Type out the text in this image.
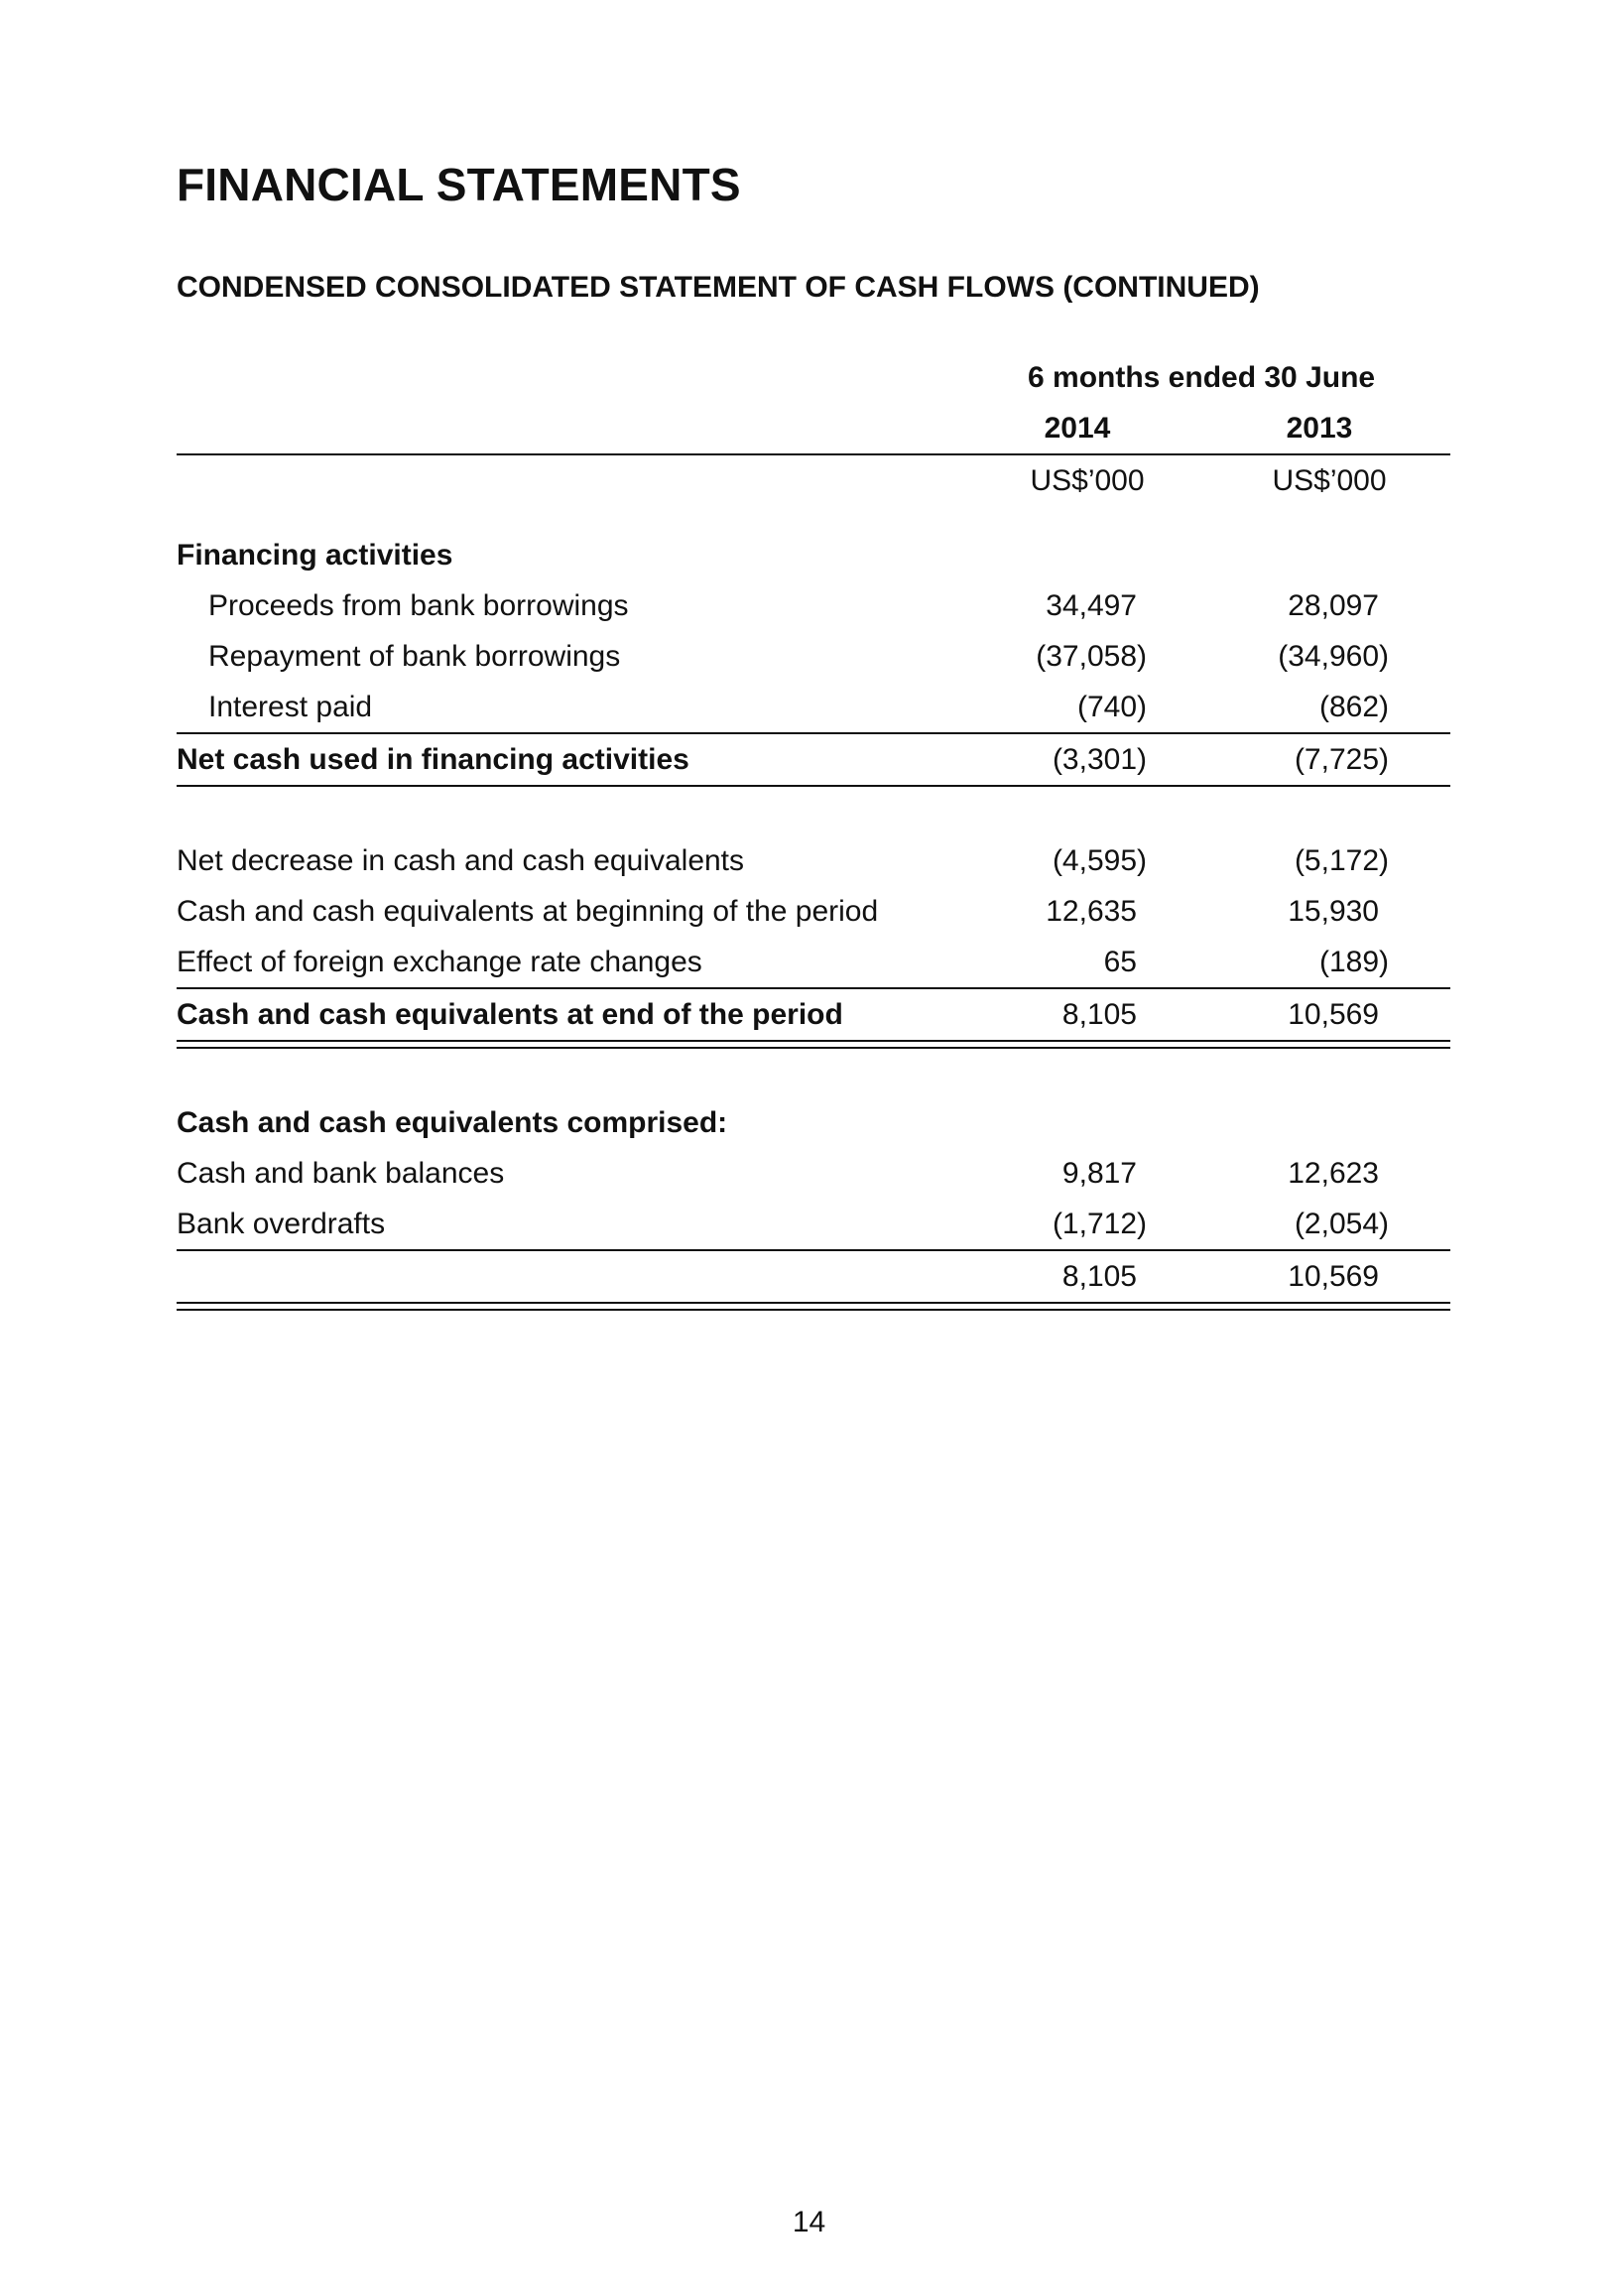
FINANCIAL STATEMENTS
CONDENSED CONSOLIDATED STATEMENT OF CASH FLOWS (CONTINUED)
6 months ended 30 June
2014	2013
US$’000	US$’000
Financing activities
Proceeds from bank borrowings	34,497	28,097
Repayment of bank borrowings	(37,058)	(34,960)
Interest paid	(740)	(862)
Net cash used in financing activities	(3,301)	(7,725)
Net decrease in cash and cash equivalents	(4,595)	(5,172)
Cash and cash equivalents at beginning of the period	12,635	15,930
Effect of foreign exchange rate changes	65	(189)
Cash and cash equivalents at end of the period	8,105	10,569
Cash and cash equivalents comprised:
Cash and bank balances	9,817	12,623
Bank overdrafts	(1,712)	(2,054)
8,105	10,569
14
